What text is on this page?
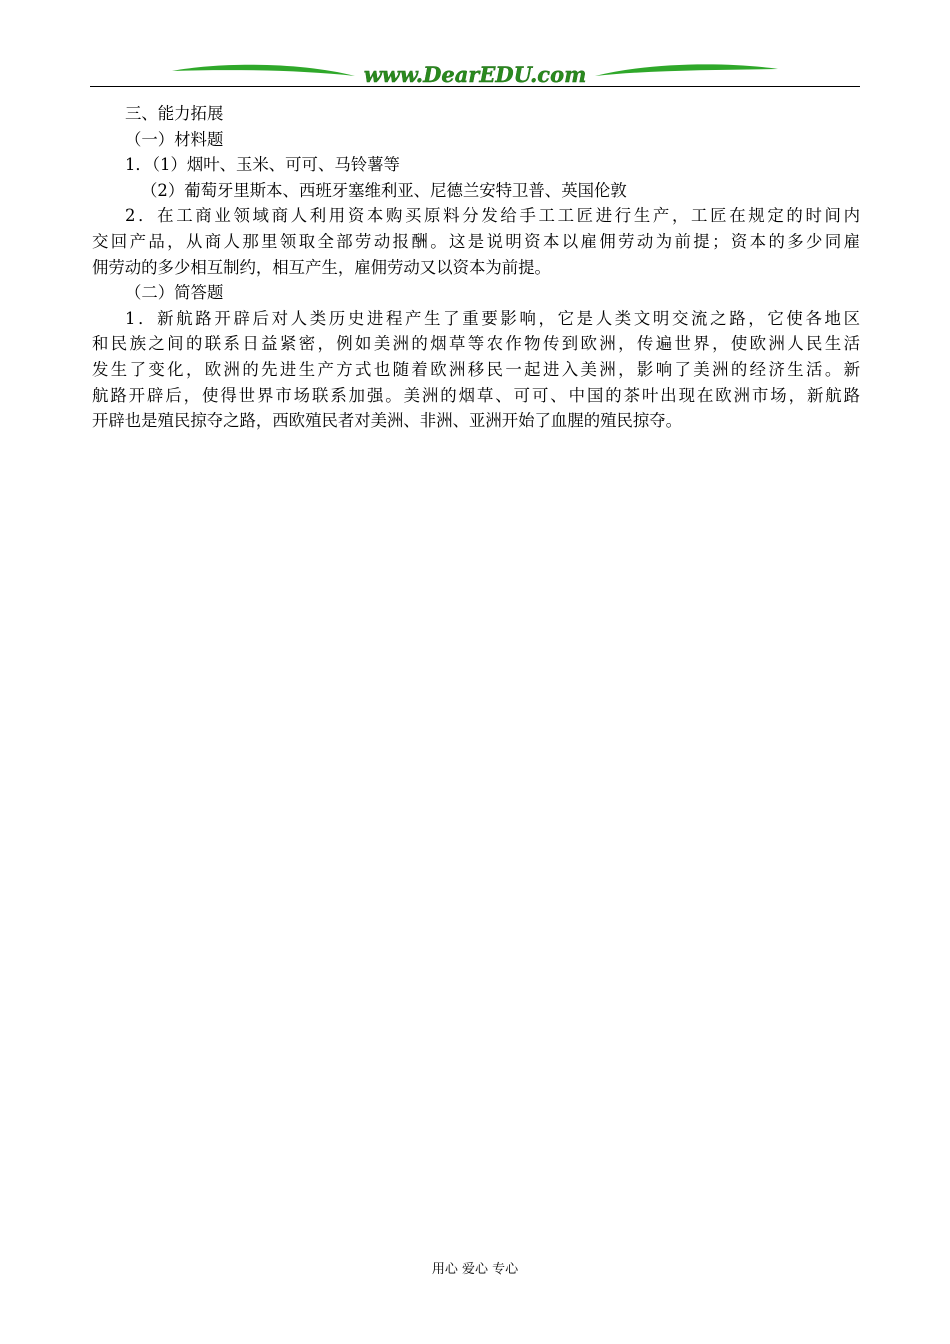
www.DearEDU.com

三、能力拓展

（一）材料题

1．（1）烟叶、玉米、可可、马铃薯等

（2）葡萄牙里斯本、西班牙塞维利亚、尼德兰安特卫普、英国伦敦

2．在工商业领域商人利用资本购买原料分发给手工工匠进行生产，工匠在规定的时间内

交回产品，从商人那里领取全部劳动报酬。这是说明资本以雇佣劳动为前提；资本的多少同雇

佣劳动的多少相互制约，相互产生，雇佣劳动又以资本为前提。

（二）简答题

1．新航路开辟后对人类历史进程产生了重要影响，它是人类文明交流之路，它使各地区

和民族之间的联系日益紧密，例如美洲的烟草等农作物传到欧洲，传遍世界，使欧洲人民生活

发生了变化，欧洲的先进生产方式也随着欧洲移民一起进入美洲，影响了美洲的经济生活。新

航路开辟后，使得世界市场联系加强。美洲的烟草、可可、中国的茶叶出现在欧洲市场，新航路

开辟也是殖民掠夺之路，西欧殖民者对美洲、非洲、亚洲开始了血腥的殖民掠夺。

用心 爱心 专心
